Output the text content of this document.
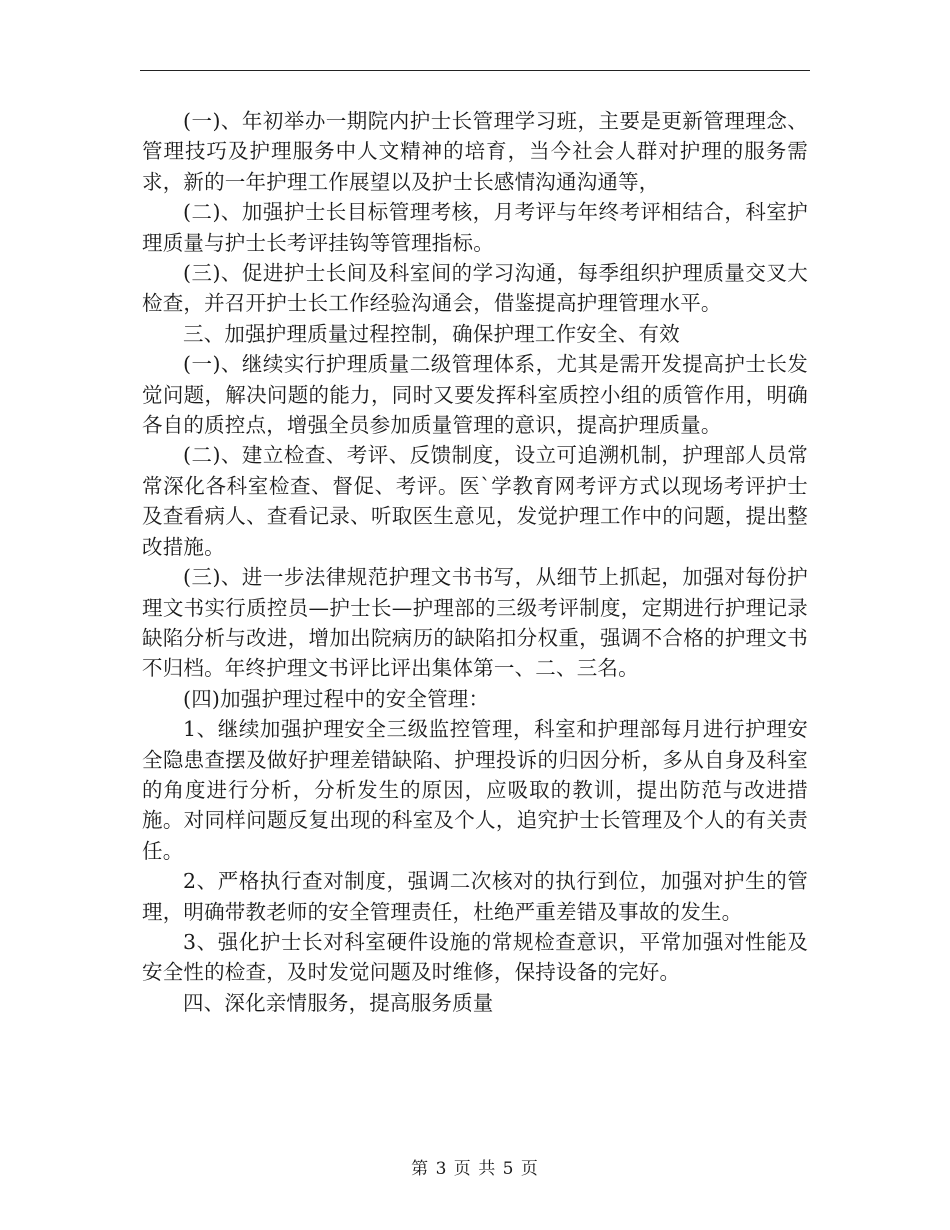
(一)、年初举办一期院内护士长管理学习班，主要是更新管理理念、管理技巧及护理服务中人文精神的培育，当今社会人群对护理的服务需求，新的一年护理工作展望以及护士长感情沟通沟通等，

(二)、加强护士长目标管理考核，月考评与年终考评相结合，科室护理质量与护士长考评挂钩等管理指标。

(三)、促进护士长间及科室间的学习沟通，每季组织护理质量交叉大检查，并召开护士长工作经验沟通会，借鉴提高护理管理水平。

三、加强护理质量过程控制，确保护理工作安全、有效

(一)、继续实行护理质量二级管理体系，尤其是需开发提高护士长发觉问题，解决问题的能力，同时又要发挥科室质控小组的质管作用，明确各自的质控点，增强全员参加质量管理的意识，提高护理质量。

(二)、建立检查、考评、反馈制度，设立可追溯机制，护理部人员常常深化各科室检查、督促、考评。医`学教育网考评方式以现场考评护士及查看病人、查看记录、听取医生意见，发觉护理工作中的问题，提出整改措施。

(三)、进一步法律规范护理文书书写，从细节上抓起，加强对每份护理文书实行质控员—护士长—护理部的三级考评制度，定期进行护理记录缺陷分析与改进，增加出院病历的缺陷扣分权重，强调不合格的护理文书不归档。年终护理文书评比评出集体第一、二、三名。

(四)加强护理过程中的安全管理：

1、继续加强护理安全三级监控管理，科室和护理部每月进行护理安全隐患查摆及做好护理差错缺陷、护理投诉的归因分析，多从自身及科室的角度进行分析，分析发生的原因，应吸取的教训，提出防范与改进措施。对同样问题反复出现的科室及个人，追究护士长管理及个人的有关责任。

2、严格执行查对制度，强调二次核对的执行到位，加强对护生的管理，明确带教老师的安全管理责任，杜绝严重差错及事故的发生。

3、强化护士长对科室硬件设施的常规检查意识，平常加强对性能及安全性的检查，及时发觉问题及时维修，保持设备的完好。

四、深化亲情服务，提高服务质量

第 3 页 共 5 页
